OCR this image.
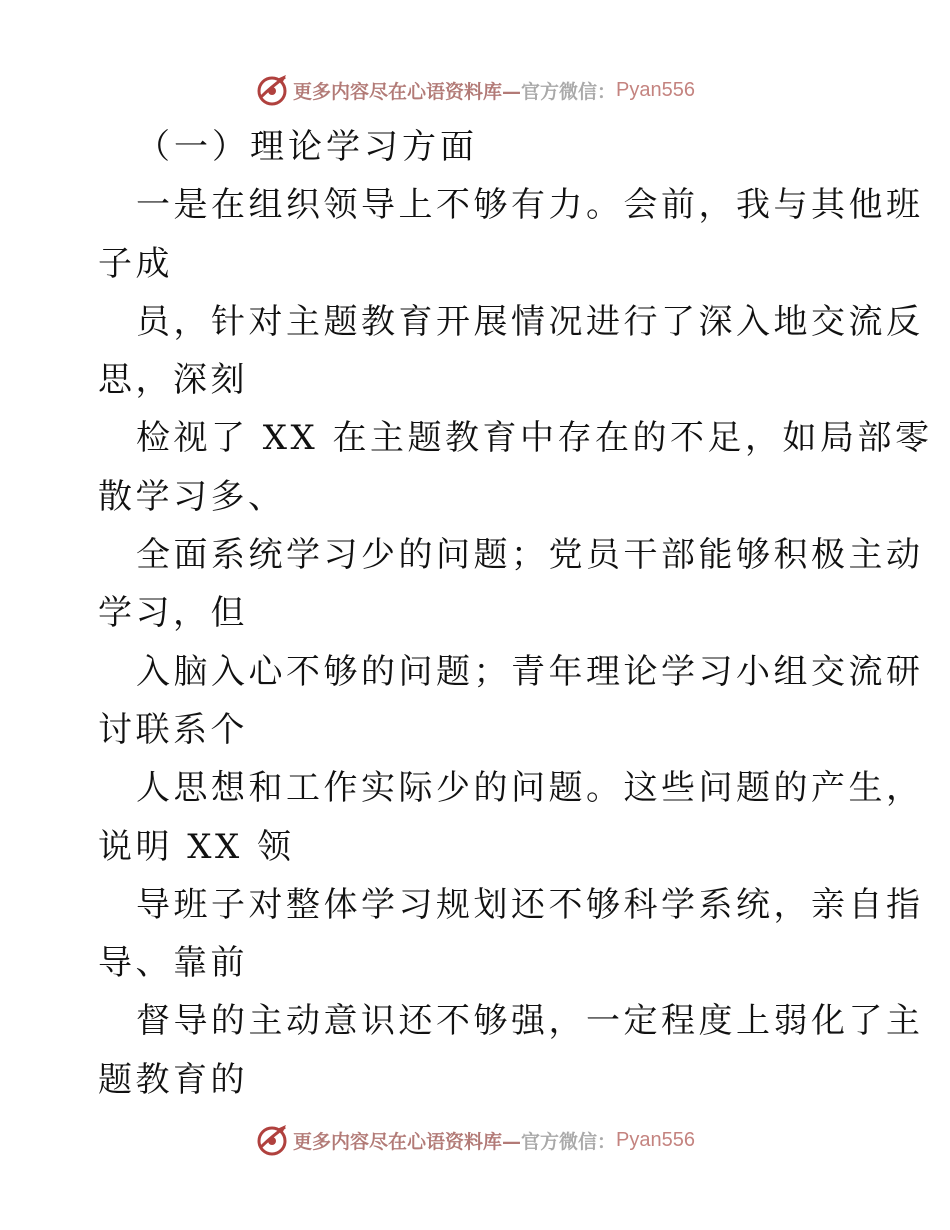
更多内容尽在心语资料库— 官方微信： Pyan556
（一）理论学习方面
一是在组织领导上不够有力。会前，我与其他班
子成
员，针对主题教育开展情况进行了深入地交流反
思，深刻
检视了 XX 在主题教育中存在的不足，如局部零
散学习多、
全面系统学习少的问题；党员干部能够积极主动
学习，但
入脑入心不够的问题；青年理论学习小组交流研
讨联系个
人思想和工作实际少的问题。这些问题的产生，
说明 XX 领
导班子对整体学习规划还不够科学系统，亲自指
导、靠前
督导的主动意识还不够强，一定程度上弱化了主
题教育的
更多内容尽在心语资料库— 官方微信： Pyan556
